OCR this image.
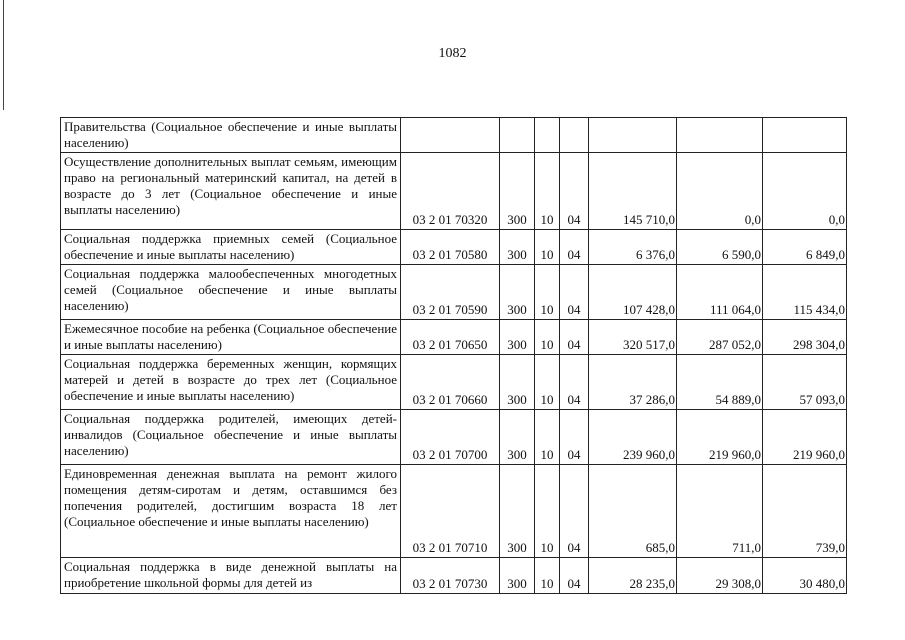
1082
Правительства (Социальное обеспечение и иные выплаты населению)							
Осуществление дополнительных выплат семьям, имеющим право на региональный материнский капитал, на детей в возрасте до 3 лет (Социальное обеспечение и иные выплаты населению)	03 2 01 70320	300	10	04	145 710,0	0,0	0,0
Социальная поддержка приемных семей (Социальное обеспечение и иные выплаты населению)	03 2 01 70580	300	10	04	6 376,0	6 590,0	6 849,0
Социальная поддержка малообеспеченных многодетных семей (Социальное обеспечение и иные выплаты населению)	03 2 01 70590	300	10	04	107 428,0	111 064,0	115 434,0
Ежемесячное пособие на ребенка (Социальное обеспечение и иные выплаты населению)	03 2 01 70650	300	10	04	320 517,0	287 052,0	298 304,0
Социальная поддержка беременных женщин, кормящих матерей и детей в возрасте до трех лет (Социальное обеспечение и иные выплаты населению)	03 2 01 70660	300	10	04	37 286,0	54 889,0	57 093,0
Социальная поддержка родителей, имеющих детей-инвалидов (Социальное обеспечение и иные выплаты населению)	03 2 01 70700	300	10	04	239 960,0	219 960,0	219 960,0
Единовременная денежная выплата на ремонт жилого помещения детям-сиротам и детям, оставшимся без попечения родителей, достигшим возраста 18 лет (Социальное обеспечение и иные выплаты населению)	03 2 01 70710	300	10	04	685,0	711,0	739,0
Социальная поддержка в виде денежной выплаты на приобретение школьной формы для детей из	03 2 01 70730	300	10	04	28 235,0	29 308,0	30 480,0
